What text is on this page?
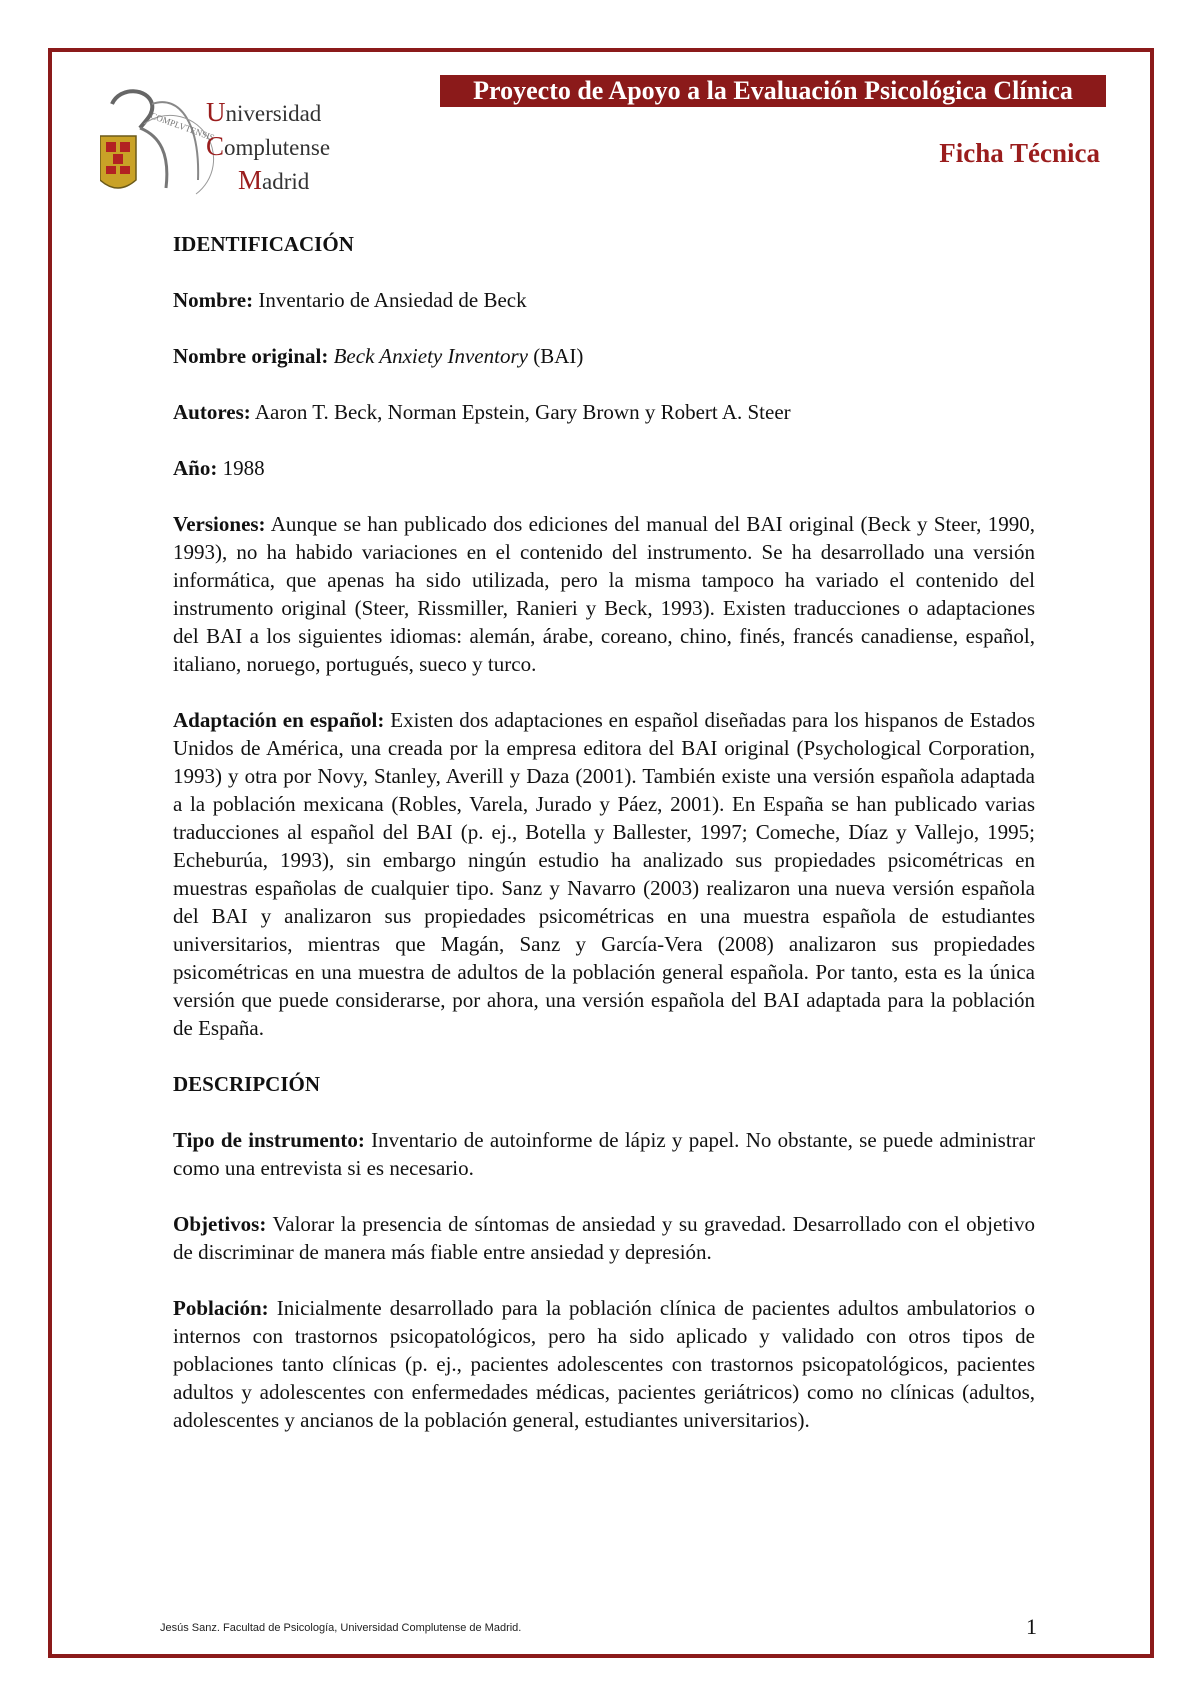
COMPLVTENSIS
Universidad
Complutense
Madrid
Proyecto de Apoyo a la Evaluación Psicológica Clínica
Ficha Técnica

IDENTIFICACIÓN

Nombre: Inventario de Ansiedad de Beck

Nombre original: Beck Anxiety Inventory (BAI)

Autores: Aaron T. Beck, Norman Epstein, Gary Brown y Robert A. Steer

Año: 1988

Versiones: Aunque se han publicado dos ediciones del manual del BAI original (Beck y Steer, 1990, 1993), no ha habido variaciones en el contenido del instrumento. Se ha desarrollado una versión informática, que apenas ha sido utilizada, pero la misma tampoco ha variado el contenido del instrumento original (Steer, Rissmiller, Ranieri y Beck, 1993). Existen traducciones o adaptaciones del BAI a los siguientes idiomas: alemán, árabe, coreano, chino, finés, francés canadiense, español, italiano, noruego, portugués, sueco y turco.

Adaptación en español: Existen dos adaptaciones en español diseñadas para los hispanos de Estados Unidos de América, una creada por la empresa editora del BAI original (Psychological Corporation, 1993) y otra por Novy, Stanley, Averill y Daza (2001). También existe una versión española adaptada a la población mexicana (Robles, Varela, Jurado y Páez, 2001). En España se han publicado varias traducciones al español del BAI (p. ej., Botella y Ballester, 1997; Comeche, Díaz y Vallejo, 1995; Echeburúa, 1993), sin embargo ningún estudio ha analizado sus propiedades psicométricas en muestras españolas de cualquier tipo. Sanz y Navarro (2003) realizaron una nueva versión española del BAI y analizaron sus propiedades psicométricas en una muestra española de estudiantes universitarios, mientras que Magán, Sanz y García-Vera (2008) analizaron sus propiedades psicométricas en una muestra de adultos de la población general española. Por tanto, esta es la única versión que puede considerarse, por ahora, una versión española del BAI adaptada para la población de España.

DESCRIPCIÓN

Tipo de instrumento: Inventario de autoinforme de lápiz y papel. No obstante, se puede administrar como una entrevista si es necesario.

Objetivos: Valorar la presencia de síntomas de ansiedad y su gravedad. Desarrollado con el objetivo de discriminar de manera más fiable entre ansiedad y depresión.

Población: Inicialmente desarrollado para la población clínica de pacientes adultos ambulatorios o internos con trastornos psicopatológicos, pero ha sido aplicado y validado con otros tipos de poblaciones tanto clínicas (p. ej., pacientes adolescentes con trastornos psicopatológicos, pacientes adultos y adolescentes con enfermedades médicas, pacientes geriátricos) como no clínicas (adultos, adolescentes y ancianos de la población general, estudiantes universitarios).

Jesús Sanz. Facultad de Psicología, Universidad Complutense de Madrid.	1
